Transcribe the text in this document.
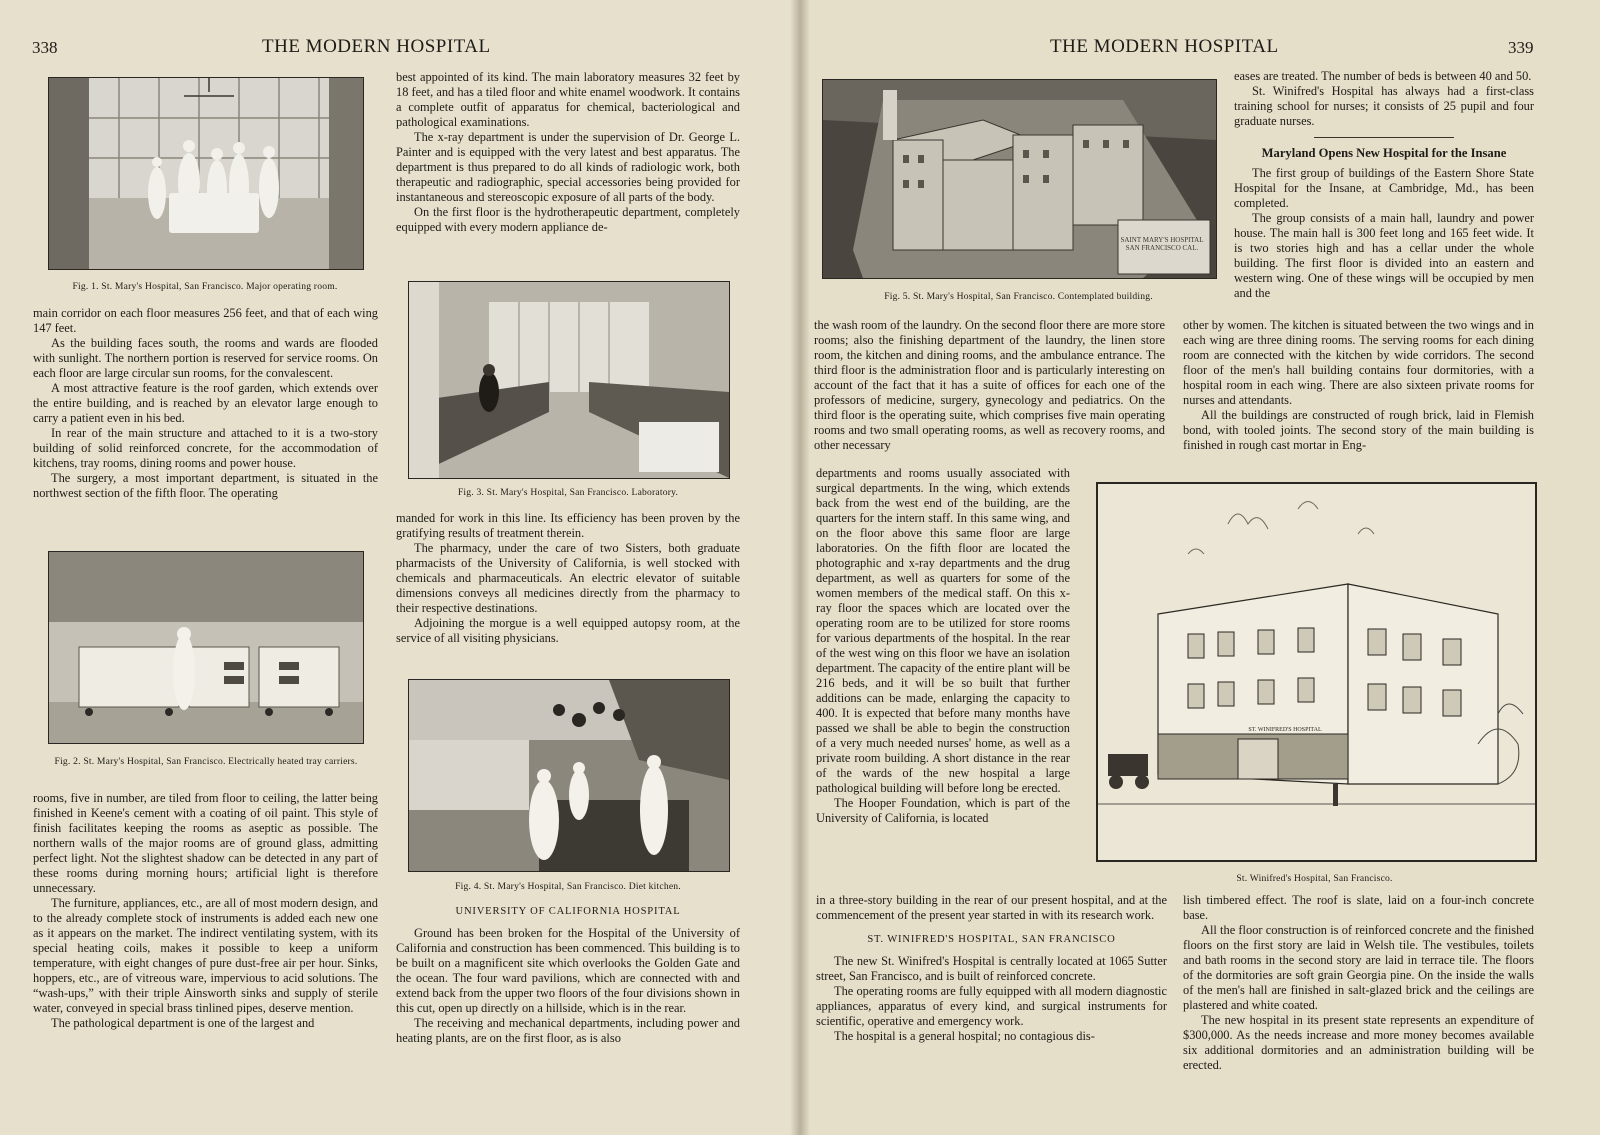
338	THE MODERN HOSPITAL
Fig. 1. St. Mary's Hospital, San Francisco. Major operating room.

main corridor on each floor measures 256 feet, and that of each wing 147 feet.

As the building faces south, the rooms and wards are flooded with sunlight. The northern portion is reserved for service rooms. On each floor are large circular sun rooms, for the convalescent.

A most attractive feature is the roof garden, which extends over the entire building, and is reached by an elevator large enough to carry a patient even in his bed.

In rear of the main structure and attached to it is a two-story building of solid reinforced concrete, for the accommodation of kitchens, tray rooms, dining rooms and power house.

The surgery, a most important department, is situated in the northwest section of the fifth floor. The operating

Fig. 2. St. Mary's Hospital, San Francisco. Electrically heated tray carriers.

rooms, five in number, are tiled from floor to ceiling, the latter being finished in Keene's cement with a coating of oil paint. This style of finish facilitates keeping the rooms as aseptic as possible. The northern walls of the major rooms are of ground glass, admitting perfect light. Not the slightest shadow can be detected in any part of these rooms during morning hours; artificial light is therefore unnecessary.

The furniture, appliances, etc., are all of most modern design, and to the already complete stock of instruments is added each new one as it appears on the market. The indirect ventilating system, with its special heating coils, makes it possible to keep a uniform temperature, with eight changes of pure dust-free air per hour. Sinks, hoppers, etc., are of vitreous ware, impervious to acid solutions. The “wash-ups,” with their triple Ainsworth sinks and supply of sterile water, conveyed in special brass tinlined pipes, deserve mention.

The pathological department is one of the largest and

best appointed of its kind. The main laboratory measures 32 feet by 18 feet, and has a tiled floor and white enamel woodwork. It contains a complete outfit of apparatus for chemical, bacteriological and pathological examinations.

The x-ray department is under the supervision of Dr. George L. Painter and is equipped with the very latest and best apparatus. The department is thus prepared to do all kinds of radiologic work, both therapeutic and radiographic, special accessories being provided for instantaneous and stereoscopic exposure of all parts of the body.

On the first floor is the hydrotherapeutic department, completely equipped with every modern appliance de-

Fig. 3. St. Mary's Hospital, San Francisco. Laboratory.

manded for work in this line. Its efficiency has been proven by the gratifying results of treatment therein.

The pharmacy, under the care of two Sisters, both graduate pharmacists of the University of California, is well stocked with chemicals and pharmaceuticals. An electric elevator of suitable dimensions conveys all medicines directly from the pharmacy to their respective destinations.

Adjoining the morgue is a well equipped autopsy room, at the service of all visiting physicians.

Fig. 4. St. Mary's Hospital, San Francisco. Diet kitchen.
UNIVERSITY OF CALIFORNIA HOSPITAL

Ground has been broken for the Hospital of the University of California and construction has been commenced. This building is to be built on a magnificent site which overlooks the Golden Gate and the ocean. The four ward pavilions, which are connected with and extend back from the upper two floors of the four divisions shown in this cut, open up directly on a hillside, which is in the rear.

The receiving and mechanical departments, including power and heating plants, are on the first floor, as is also

THE MODERN HOSPITAL	339
SAINT MARY'S HOSPITAL SAN FRANCISCO CAL.
Fig. 5. St. Mary's Hospital, San Francisco. Contemplated building.

eases are treated. The number of beds is between 40 and 50.

St. Winifred's Hospital has always had a first-class training school for nurses; it consists of 25 pupil and four graduate nurses.

Maryland Opens New Hospital for the Insane

The first group of buildings of the Eastern Shore State Hospital for the Insane, at Cambridge, Md., has been completed.

The group consists of a main hall, laundry and power house. The main hall is 300 feet long and 165 feet wide. It is two stories high and has a cellar under the whole building. The first floor is divided into an eastern and western wing. One of these wings will be occupied by men and the

the wash room of the laundry. On the second floor there are more store rooms; also the finishing department of the laundry, the linen store room, the kitchen and dining rooms, and the ambulance entrance. The third floor is the administration floor and is particularly interesting on account of the fact that it has a suite of offices for each one of the professors of medicine, surgery, gynecology and pediatrics. On the third floor is the operating suite, which comprises five main operating rooms and two small operating rooms, as well as recovery rooms, and other necessary

other by women. The kitchen is situated between the two wings and in each wing are three dining rooms. The serving rooms for each dining room are connected with the kitchen by wide corridors. The second floor of the men's hall building contains four dormitories, with a hospital room in each wing. There are also sixteen private rooms for nurses and attendants.

All the buildings are constructed of rough brick, laid in Flemish bond, with tooled joints. The second story of the main building is finished in rough cast mortar in Eng-

ST. WINIFRED'S HOSPITAL
St. Winifred's Hospital, San Francisco.

departments and rooms usually associated with surgical departments. In the wing, which extends back from the west end of the building, are the quarters for the intern staff. In this same wing, and on the floor above this same floor are large laboratories. On the fifth floor are located the photographic and x-ray departments and the drug department, as well as quarters for some of the women members of the medical staff. On this x-ray floor the spaces which are located over the operating room are to be utilized for store rooms for various departments of the hospital. In the rear of the west wing on this floor we have an isolation department. The capacity of the entire plant will be 216 beds, and it will be so built that further additions can be made, enlarging the capacity to 400. It is expected that before many months have passed we shall be able to begin the construction of a very much needed nurses' home, as well as a private room building. A short distance in the rear of the wards of the new hospital a large pathological building will before long be erected.

The Hooper Foundation, which is part of the University of California, is located

in a three-story building in the rear of our present hospital, and at the commencement of the present year started in with its research work.

ST. WINIFRED'S HOSPITAL, SAN FRANCISCO

The new St. Winifred's Hospital is centrally located at 1065 Sutter street, San Francisco, and is built of reinforced concrete.

The operating rooms are fully equipped with all modern diagnostic appliances, apparatus of every kind, and surgical instruments for scientific, operative and emergency work.

The hospital is a general hospital; no contagious dis-

lish timbered effect. The roof is slate, laid on a four-inch concrete base.

All the floor construction is of reinforced concrete and the finished floors on the first story are laid in Welsh tile. The vestibules, toilets and bath rooms in the second story are laid in terrace tile. The floors of the dormitories are soft grain Georgia pine. On the inside the walls of the men's hall are finished in salt-glazed brick and the ceilings are plastered and white coated.

The new hospital in its present state represents an expenditure of $300,000. As the needs increase and more money becomes available six additional dormitories and an administration building will be erected.
